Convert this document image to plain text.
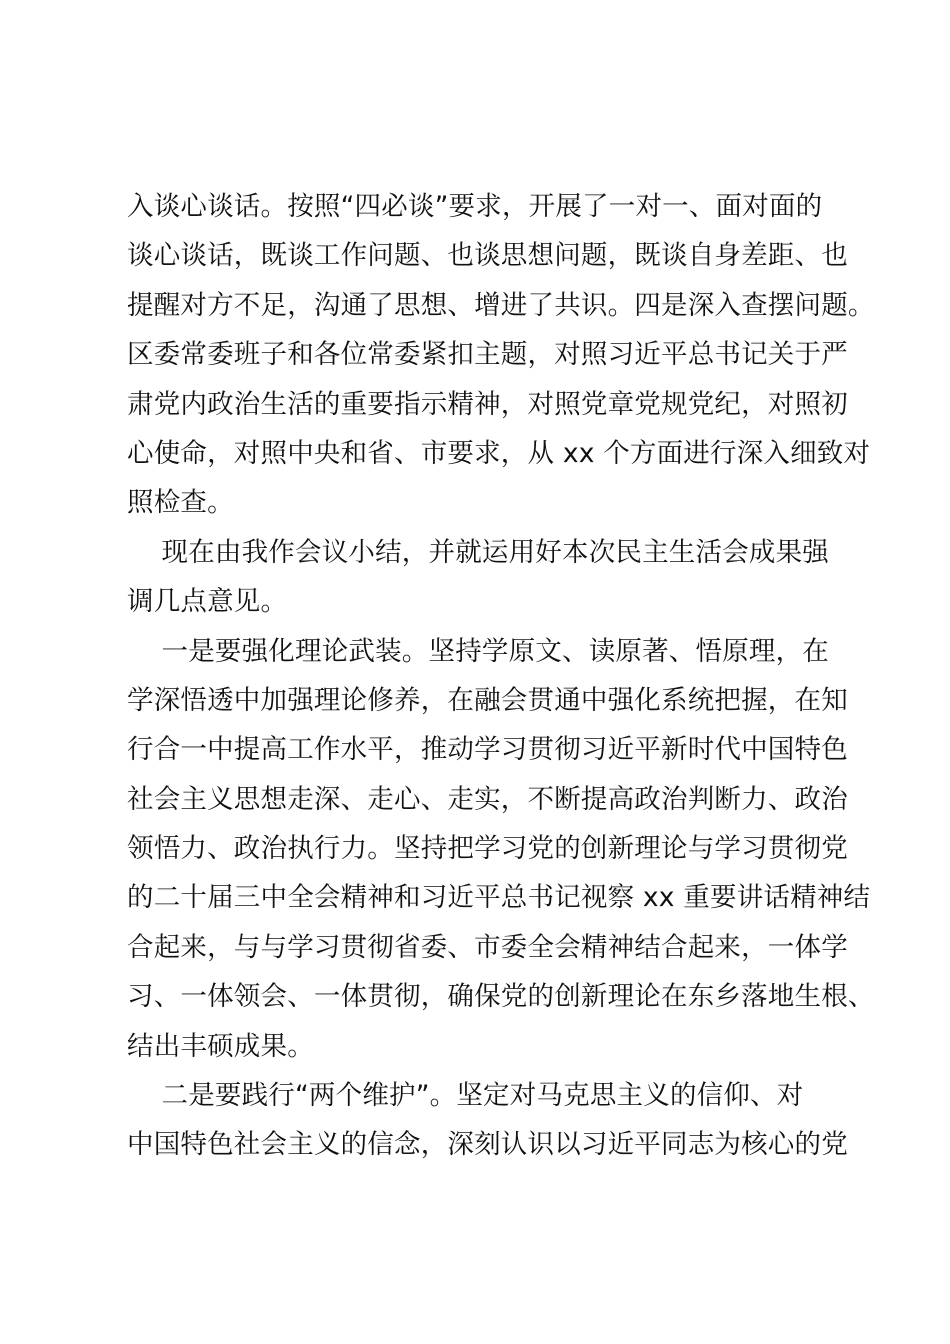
入谈心谈话。按照“四必谈”要求，开展了一对一、面对面的
谈心谈话，既谈工作问题、也谈思想问题，既谈自身差距、也
提醒对方不足，沟通了思想、增进了共识。四是深入查摆问题。
区委常委班子和各位常委紧扣主题，对照习近平总书记关于严
肃党内政治生活的重要指示精神，对照党章党规党纪，对照初
心使命，对照中央和省、市要求，从 xx 个方面进行深入细致对
照检查。
现在由我作会议小结，并就运用好本次民主生活会成果强
调几点意见。
一是要强化理论武装。坚持学原文、读原著、悟原理，在
学深悟透中加强理论修养，在融会贯通中强化系统把握，在知
行合一中提高工作水平，推动学习贯彻习近平新时代中国特色
社会主义思想走深、走心、走实，不断提高政治判断力、政治
领悟力、政治执行力。坚持把学习党的创新理论与学习贯彻党
的二十届三中全会精神和习近平总书记视察 xx 重要讲话精神结
合起来，与与学习贯彻省委、市委全会精神结合起来，一体学
习、一体领会、一体贯彻，确保党的创新理论在东乡落地生根、
结出丰硕成果。
二是要践行“两个维护”。坚定对马克思主义的信仰、对
中国特色社会主义的信念，深刻认识以习近平同志为核心的党
